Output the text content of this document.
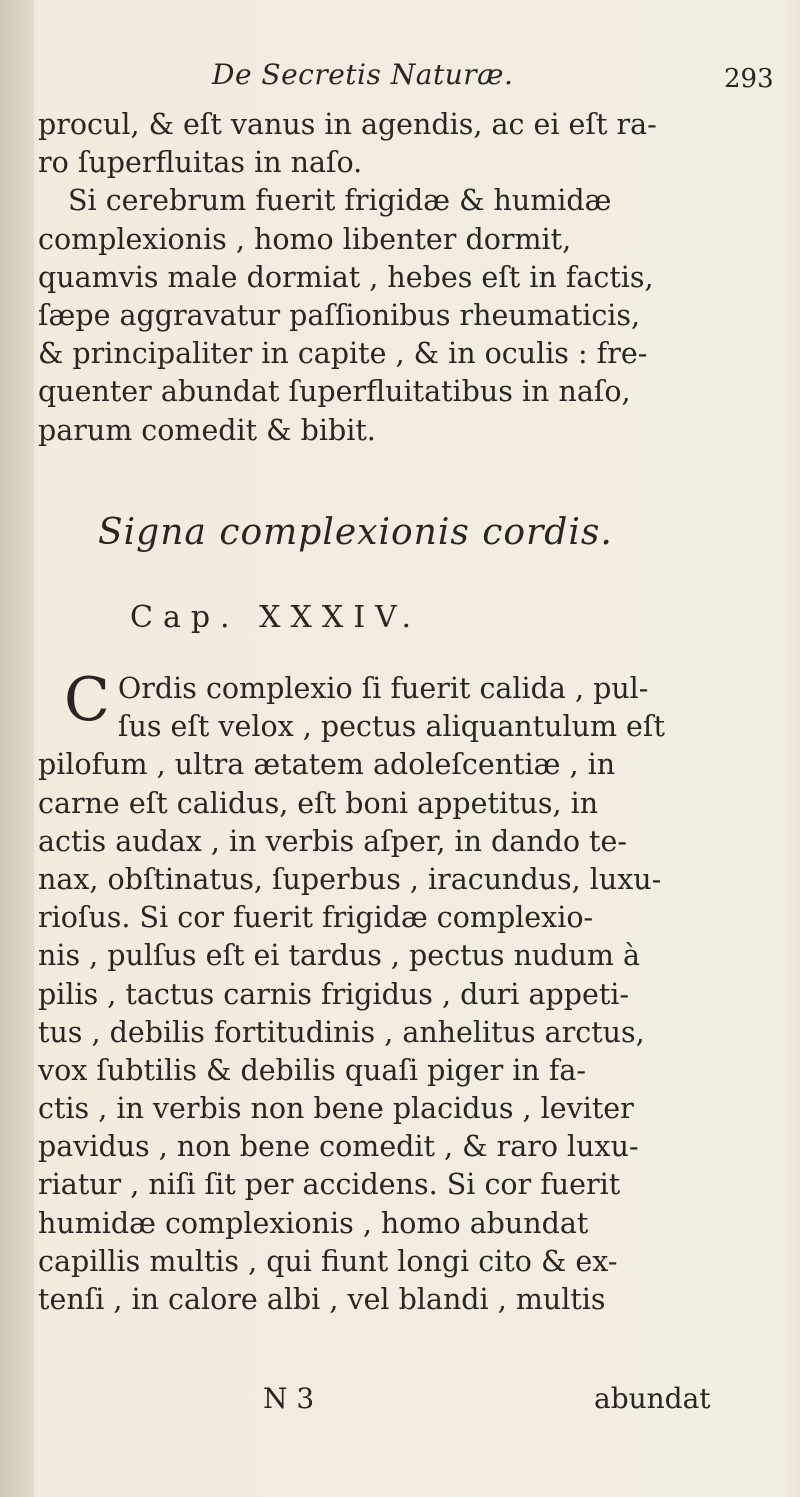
De Secretis Naturæ.	293
procul, & eſt vanus in agendis, ac ei eſt ra-
ro ſuperfluitas in naſo.
Si cerebrum fuerit frigidæ & humidæ
complexionis , homo libenter dormit,
quamvis male dormiat , hebes eſt in factis,
ſæpe aggravatur paſſionibus rheumaticis,
& principaliter in capite , & in oculis : fre-
quenter abundat ſuperfluitatibus in naſo,
parum comedit & bibit.
Signa complexionis cordis.
Cap. XXXIV.
C Ordis complexio ſi fuerit calida , pul-
ſus eſt velox , pectus aliquantulum eſt
pilofum , ultra ætatem adoleſcentiæ , in
carne eſt calidus, eſt boni appetitus, in
actis audax , in verbis aſper, in dando te-
nax, obſtinatus, ſuperbus , iracundus, luxu-
rioſus. Si cor fuerit frigidæ complexio-
nis , pulſus eſt ei tardus , pectus nudum à
pilis , tactus carnis frigidus , duri appeti-
tus , debilis fortitudinis , anhelitus arctus,
vox ſubtilis & debilis quaſi piger in fa-
ctis , in verbis non bene placidus , leviter
pavidus , non bene comedit , & raro luxu-
riatur , niſi ſit per accidens. Si cor fuerit
humidæ complexionis , homo abundat
capillis multis , qui fiunt longi cito & ex-
tenſi , in calore albi , vel blandi , multis
N 3	abundat
